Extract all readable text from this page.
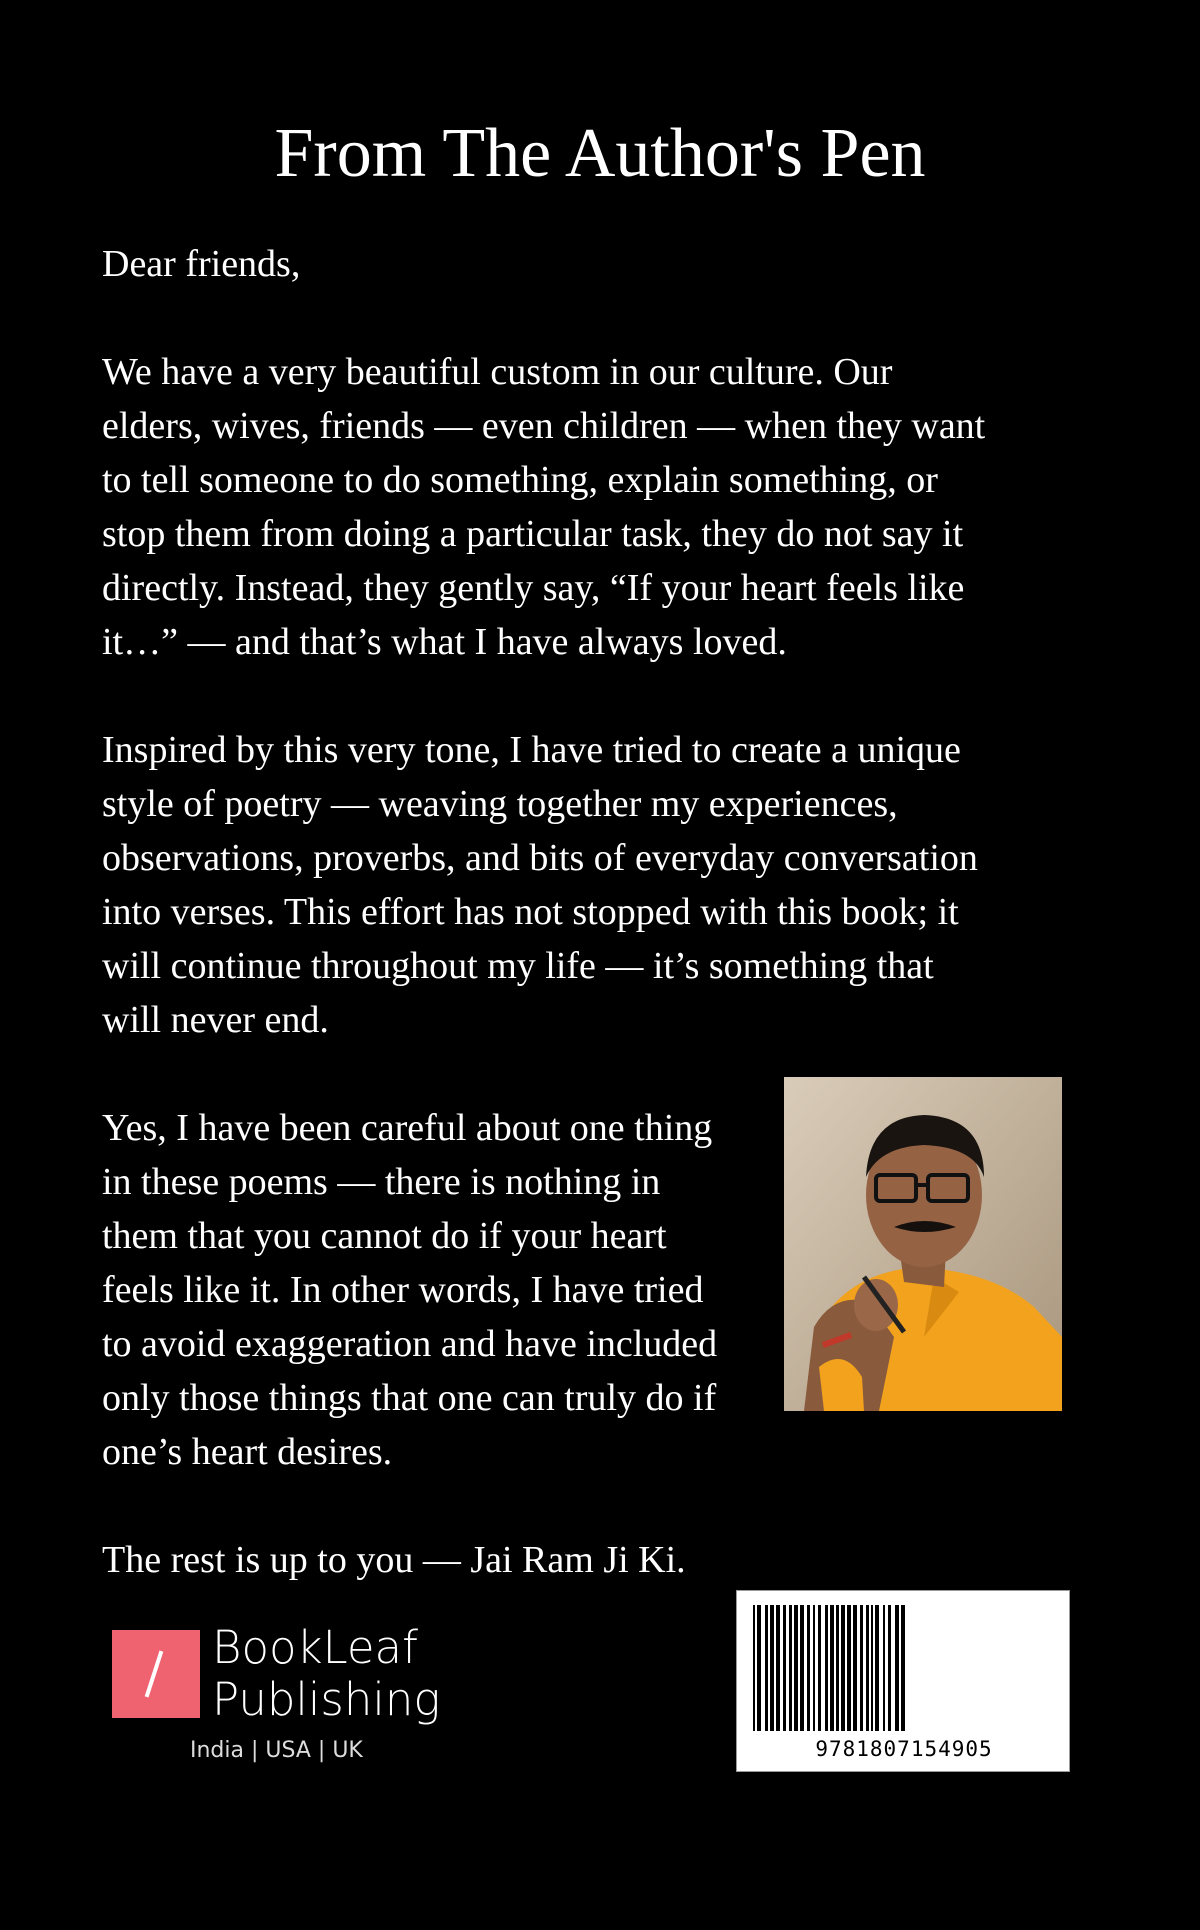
From The Author's Pen

Dear friends,

We have a very beautiful custom in our culture. Our
elders, wives, friends — even children — when they want
to tell someone to do something, explain something, or
stop them from doing a particular task, they do not say it
directly. Instead, they gently say, “If your heart feels like
it…” — and that’s what I have always loved.

Inspired by this very tone, I have tried to create a unique
style of poetry — weaving together my experiences,
observations, proverbs, and bits of everyday conversation
into verses. This effort has not stopped with this book; it
will continue throughout my life — it’s something that
will never end.

Yes, I have been careful about one thing
in these poems — there is nothing in
them that you cannot do if your heart
feels like it. In other words, I have tried
to avoid exaggeration and have included
only those things that one can truly do if
one’s heart desires.

The rest is up to you — Jai Ram Ji Ki.

BookLeaf
Publishing
India | USA | UK	9781807154905
